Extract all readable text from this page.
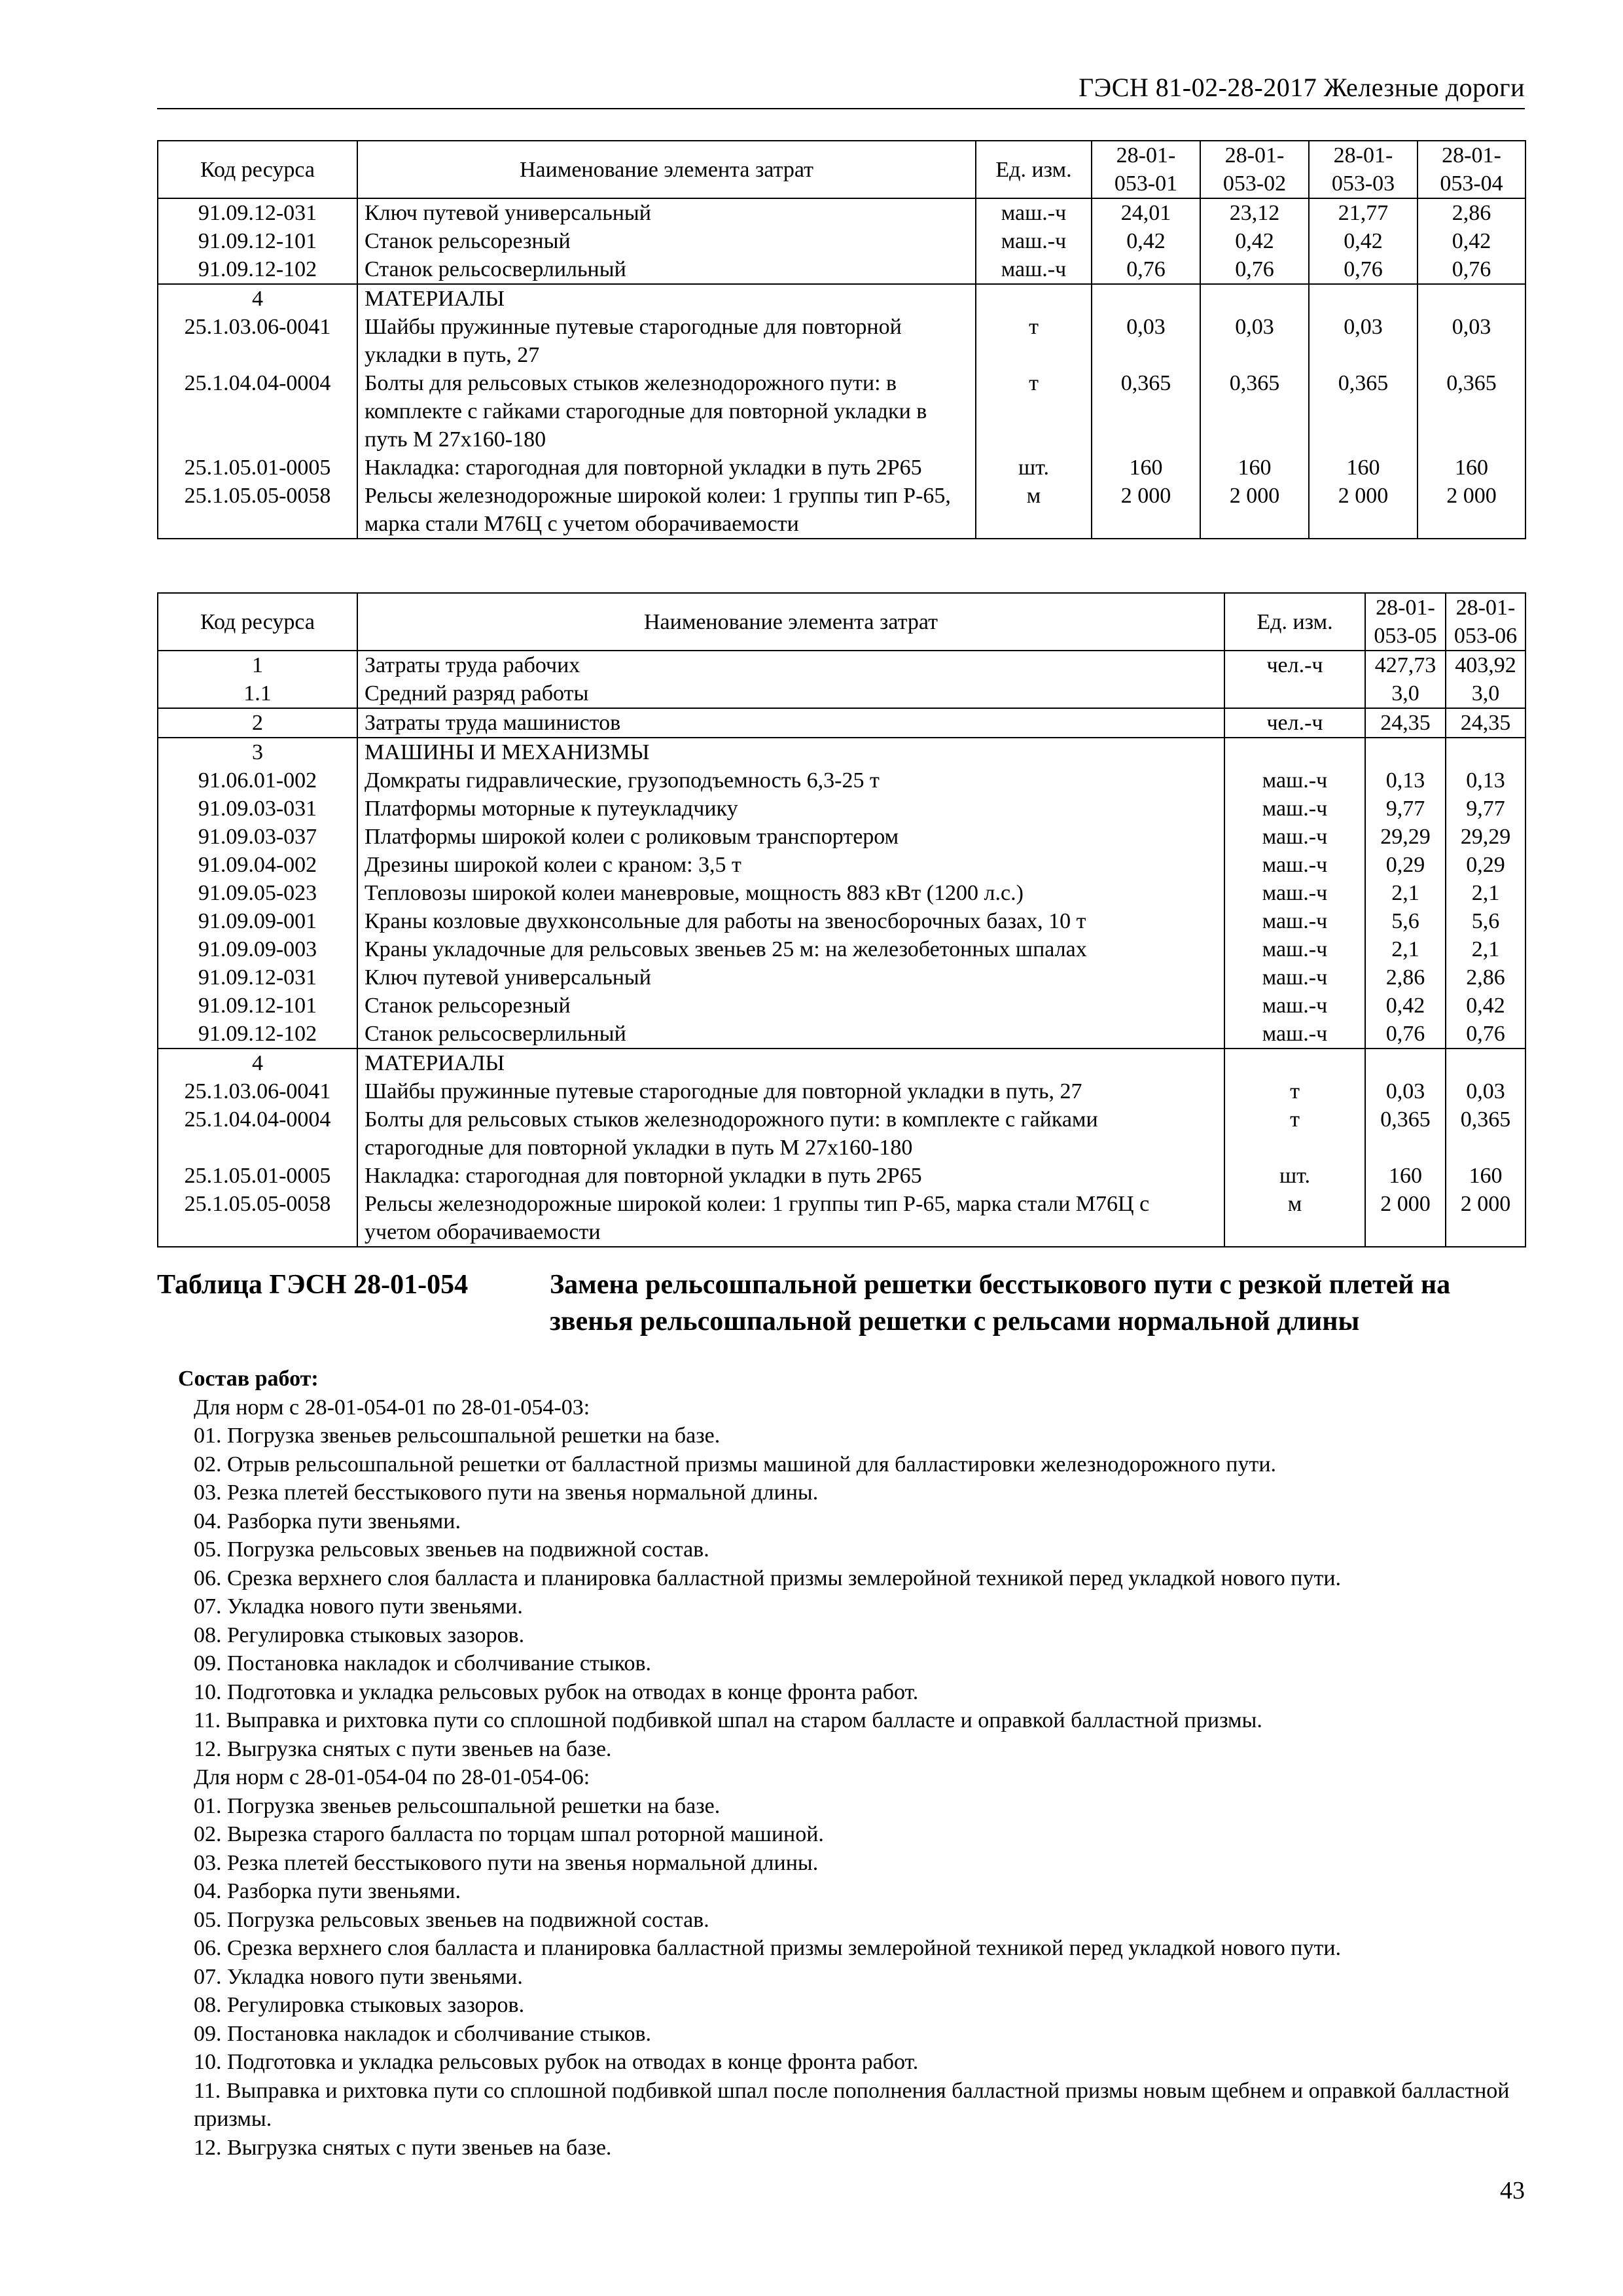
ГЭСН 81-02-28-2017 Железные дороги
Код ресурса	Наименование элемента затрат	Ед. изм.	28-01-053-01	28-01-053-02	28-01-053-03	28-01-053-04
91.09.12-031	Ключ путевой универсальный	маш.-ч	24,01	23,12	21,77	2,86
91.09.12-101	Станок рельсорезный	маш.-ч	0,42	0,42	0,42	0,42
91.09.12-102	Станок рельсосверлильный	маш.-ч	0,76	0,76	0,76	0,76
4	МАТЕРИАЛЫ					
25.1.03.06-0041	Шайбы пружинные путевые старогодные для повторной укладки в путь, 27	т	0,03	0,03	0,03	0,03
25.1.04.04-0004	Болты для рельсовых стыков железнодорожного пути: в комплекте с гайками старогодные для повторной укладки в путь М 27х160-180	т	0,365	0,365	0,365	0,365
25.1.05.01-0005	Накладка: старогодная для повторной укладки в путь 2Р65	шт.	160	160	160	160
25.1.05.05-0058	Рельсы железнодорожные широкой колеи: 1 группы тип Р-65, марка стали М76Ц с учетом оборачиваемости	м	2 000	2 000	2 000	2 000
Код ресурса	Наименование элемента затрат	Ед. изм.	28-01-053-05	28-01-053-06
1	Затраты труда рабочих	чел.-ч	427,73	403,92
1.1	Средний разряд работы		3,0	3,0
2	Затраты труда машинистов	чел.-ч	24,35	24,35
3	МАШИНЫ И МЕХАНИЗМЫ			
91.06.01-002	Домкраты гидравлические, грузоподъемность 6,3-25 т	маш.-ч	0,13	0,13
91.09.03-031	Платформы моторные к путеукладчику	маш.-ч	9,77	9,77
91.09.03-037	Платформы широкой колеи с роликовым транспортером	маш.-ч	29,29	29,29
91.09.04-002	Дрезины широкой колеи с краном: 3,5 т	маш.-ч	0,29	0,29
91.09.05-023	Тепловозы широкой колеи маневровые, мощность 883 кВт (1200 л.с.)	маш.-ч	2,1	2,1
91.09.09-001	Краны козловые двухконсольные для работы на звеносборочных базах, 10 т	маш.-ч	5,6	5,6
91.09.09-003	Краны укладочные для рельсовых звеньев 25 м: на железобетонных шпалах	маш.-ч	2,1	2,1
91.09.12-031	Ключ путевой универсальный	маш.-ч	2,86	2,86
91.09.12-101	Станок рельсорезный	маш.-ч	0,42	0,42
91.09.12-102	Станок рельсосверлильный	маш.-ч	0,76	0,76
4	МАТЕРИАЛЫ			
25.1.03.06-0041	Шайбы пружинные путевые старогодные для повторной укладки в путь, 27	т	0,03	0,03
25.1.04.04-0004	Болты для рельсовых стыков железнодорожного пути: в комплекте с гайками старогодные для повторной укладки в путь М 27х160-180	т	0,365	0,365
25.1.05.01-0005	Накладка: старогодная для повторной укладки в путь 2Р65	шт.	160	160
25.1.05.05-0058	Рельсы железнодорожные широкой колеи: 1 группы тип Р-65, марка стали М76Ц с учетом оборачиваемости	м	2 000	2 000
Таблица ГЭСН 28-01-054	Замена рельсошпальной решетки бесстыкового пути с резкой плетей на звенья рельсошпальной решетки с рельсами нормальной длины
Состав работ:
Для норм с 28-01-054-01 по 28-01-054-03:
01. Погрузка звеньев рельсошпальной решетки на базе.
02. Отрыв рельсошпальной решетки от балластной призмы машиной для балластировки железнодорожного пути.
03. Резка плетей бесстыкового пути на звенья нормальной длины.
04. Разборка пути звеньями.
05. Погрузка рельсовых звеньев на подвижной состав.
06. Срезка верхнего слоя балласта и планировка балластной призмы землеройной техникой перед укладкой нового пути.
07. Укладка нового пути звеньями.
08. Регулировка стыковых зазоров.
09. Постановка накладок и сболчивание стыков.
10. Подготовка и укладка рельсовых рубок на отводах в конце фронта работ.
11. Выправка и рихтовка пути со сплошной подбивкой шпал на старом балласте и оправкой балластной призмы.
12. Выгрузка снятых с пути звеньев на базе.
Для норм с 28-01-054-04 по 28-01-054-06:
01. Погрузка звеньев рельсошпальной решетки на базе.
02. Вырезка старого балласта по торцам шпал роторной машиной.
03. Резка плетей бесстыкового пути на звенья нормальной длины.
04. Разборка пути звеньями.
05. Погрузка рельсовых звеньев на подвижной состав.
06. Срезка верхнего слоя балласта и планировка балластной призмы землеройной техникой перед укладкой нового пути.
07. Укладка нового пути звеньями.
08. Регулировка стыковых зазоров.
09. Постановка накладок и сболчивание стыков.
10. Подготовка и укладка рельсовых рубок на отводах в конце фронта работ.
11. Выправка и рихтовка пути со сплошной подбивкой шпал после пополнения балластной призмы новым щебнем и оправкой балластной призмы.
12. Выгрузка снятых с пути звеньев на базе.
43
